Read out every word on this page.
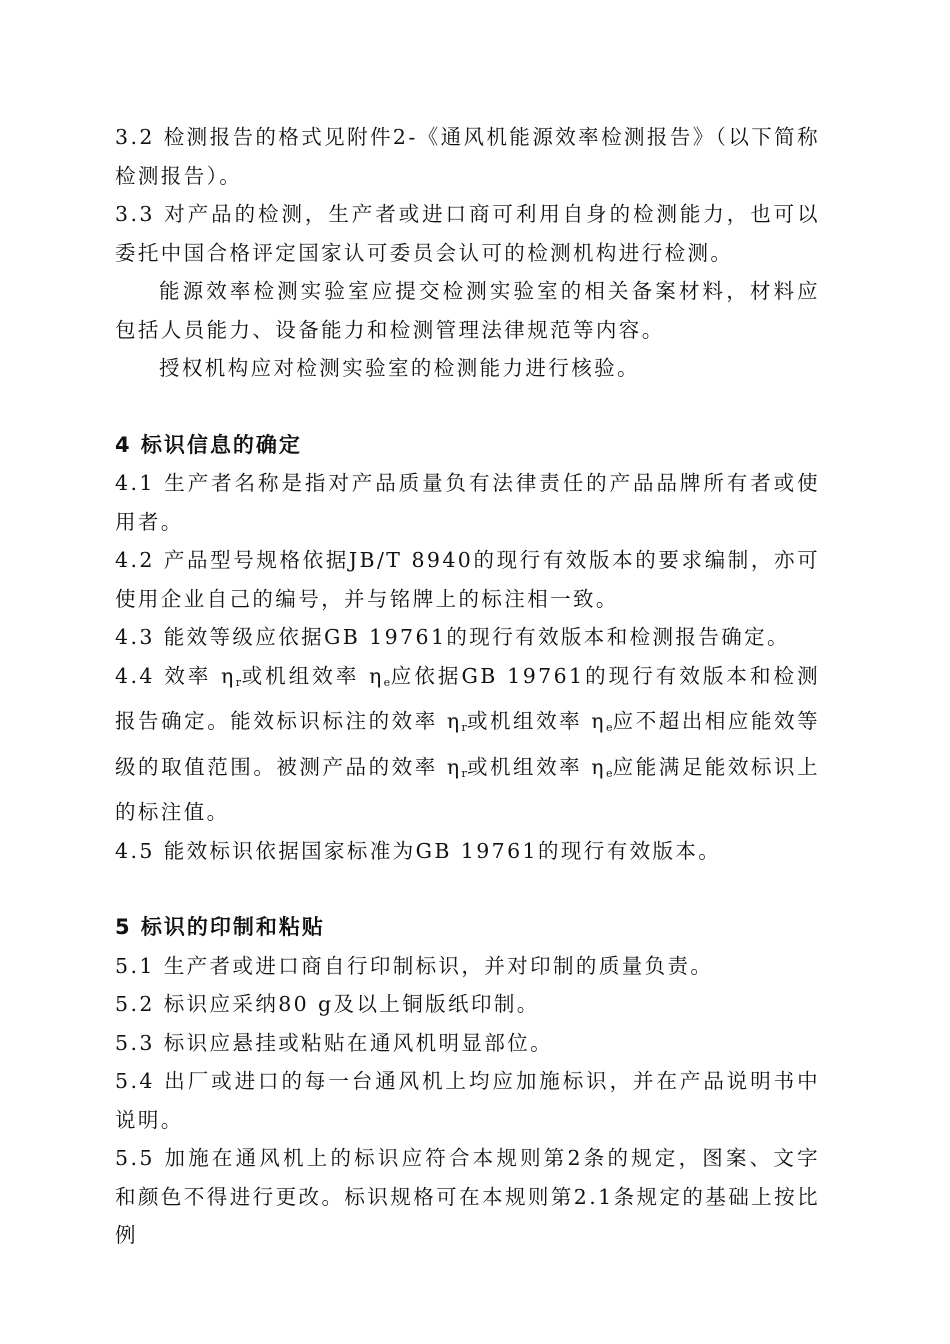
3.2 检测报告的格式见附件2-《通风机能源效率检测报告》（以下简称检测报告）。

3.3 对产品的检测，生产者或进口商可利用自身的检测能力，也可以委托中国合格评定国家认可委员会认可的检测机构进行检测。

能源效率检测实验室应提交检测实验室的相关备案材料，材料应包括人员能力、设备能力和检测管理法律规范等内容。

授权机构应对检测实验室的检测能力进行核验。

4 标识信息的确定

4.1 生产者名称是指对产品质量负有法律责任的产品品牌所有者或使用者。

4.2 产品型号规格依据JB/T 8940的现行有效版本的要求编制，亦可使用企业自己的编号，并与铭牌上的标注相一致。

4.3 能效等级应依据GB 19761的现行有效版本和检测报告确定。

4.4 效率 $\eta_r$或机组效率 $\eta_e$应依据GB 19761的现行有效版本和检测报告确定。能效标识标注的效率 $\eta_r$或机组效率 $\eta_e$应不超出相应能效等级的取值范围。被测产品的效率 $\eta_r$或机组效率 $\eta_e$应能满足能效标识上的标注值。

4.5 能效标识依据国家标准为GB 19761的现行有效版本。

5 标识的印制和粘贴

5.1 生产者或进口商自行印制标识，并对印制的质量负责。

5.2 标识应采纳80 g及以上铜版纸印制。

5.3 标识应悬挂或粘贴在通风机明显部位。

5.4 出厂或进口的每一台通风机上均应加施标识，并在产品说明书中说明。

5.5 加施在通风机上的标识应符合本规则第2条的规定，图案、文字和颜色不得进行更改。标识规格可在本规则第2.1条规定的基础上按比例
